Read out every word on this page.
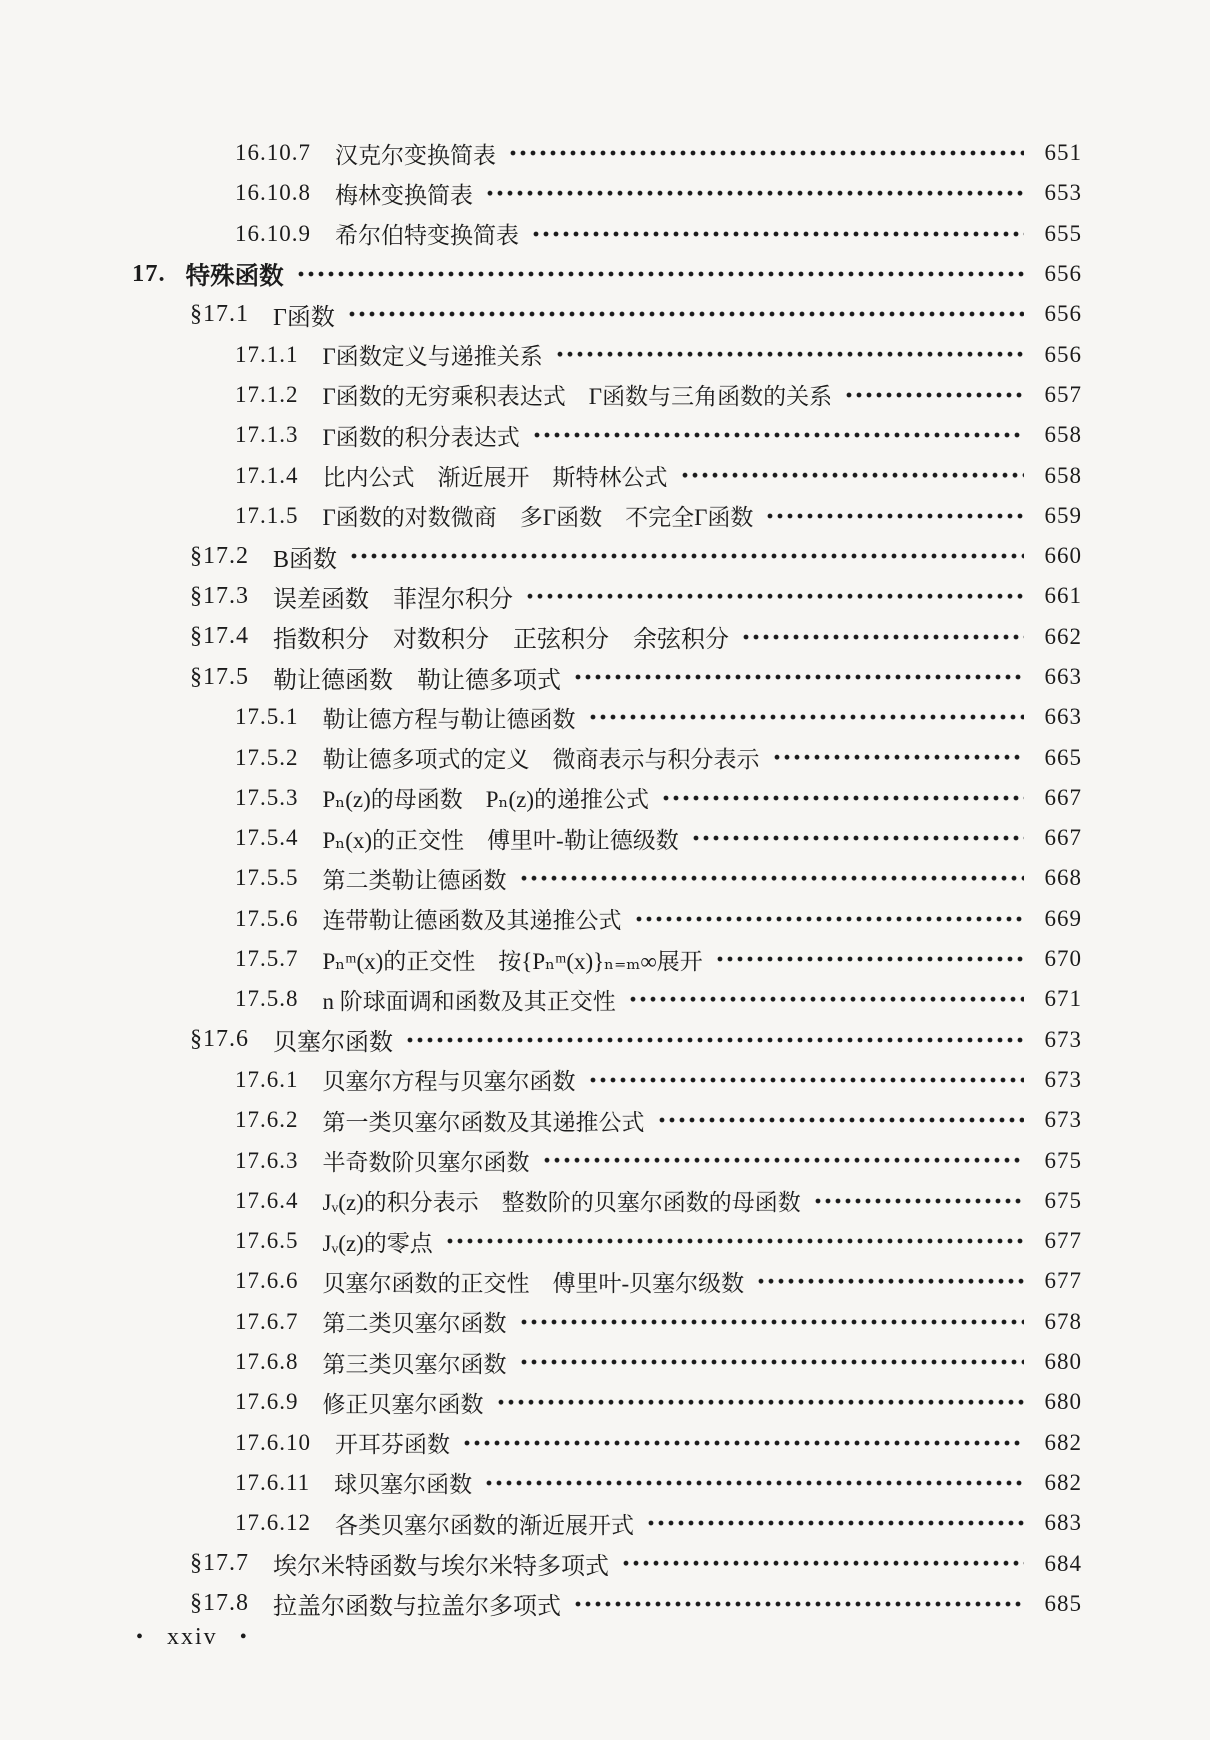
16.10.7 汉克尔变换简表	651
16.10.8 梅林变换简表	653
16.10.9 希尔伯特变换简表	655
17. 特殊函数	656
§17.1 Γ函数	656
17.1.1 Γ函数定义与递推关系	656
17.1.2 Γ函数的无穷乘积表达式　Γ函数与三角函数的关系	657
17.1.3 Γ函数的积分表达式	658
17.1.4 比内公式　渐近展开　斯特林公式	658
17.1.5 Γ函数的对数微商　多Γ函数　不完全Γ函数	659
§17.2 B函数	660
§17.3 误差函数　菲涅尔积分	661
§17.4 指数积分　对数积分　正弦积分　余弦积分	662
§17.5 勒让德函数　勒让德多项式	663
17.5.1 勒让德方程与勒让德函数	663
17.5.2 勒让德多项式的定义　微商表示与积分表示	665
17.5.3 Pₙ(z)的母函数　Pₙ(z)的递推公式	667
17.5.4 Pₙ(x)的正交性　傅里叶-勒让德级数	667
17.5.5 第二类勒让德函数	668
17.5.6 连带勒让德函数及其递推公式	669
17.5.7 Pₙᵐ(x)的正交性　按{Pₙᵐ(x)}ₙ₌ₘ∞展开	670
17.5.8 n 阶球面调和函数及其正交性	671
§17.6 贝塞尔函数	673
17.6.1 贝塞尔方程与贝塞尔函数	673
17.6.2 第一类贝塞尔函数及其递推公式	673
17.6.3 半奇数阶贝塞尔函数	675
17.6.4 Jᵥ(z)的积分表示　整数阶的贝塞尔函数的母函数	675
17.6.5 Jᵥ(z)的零点	677
17.6.6 贝塞尔函数的正交性　傅里叶-贝塞尔级数	677
17.6.7 第二类贝塞尔函数	678
17.6.8 第三类贝塞尔函数	680
17.6.9 修正贝塞尔函数	680
17.6.10 开耳芬函数	682
17.6.11 球贝塞尔函数	682
17.6.12 各类贝塞尔函数的渐近展开式	683
§17.7 埃尔米特函数与埃尔米特多项式	684
§17.8 拉盖尔函数与拉盖尔多项式	685
• xxiv •
